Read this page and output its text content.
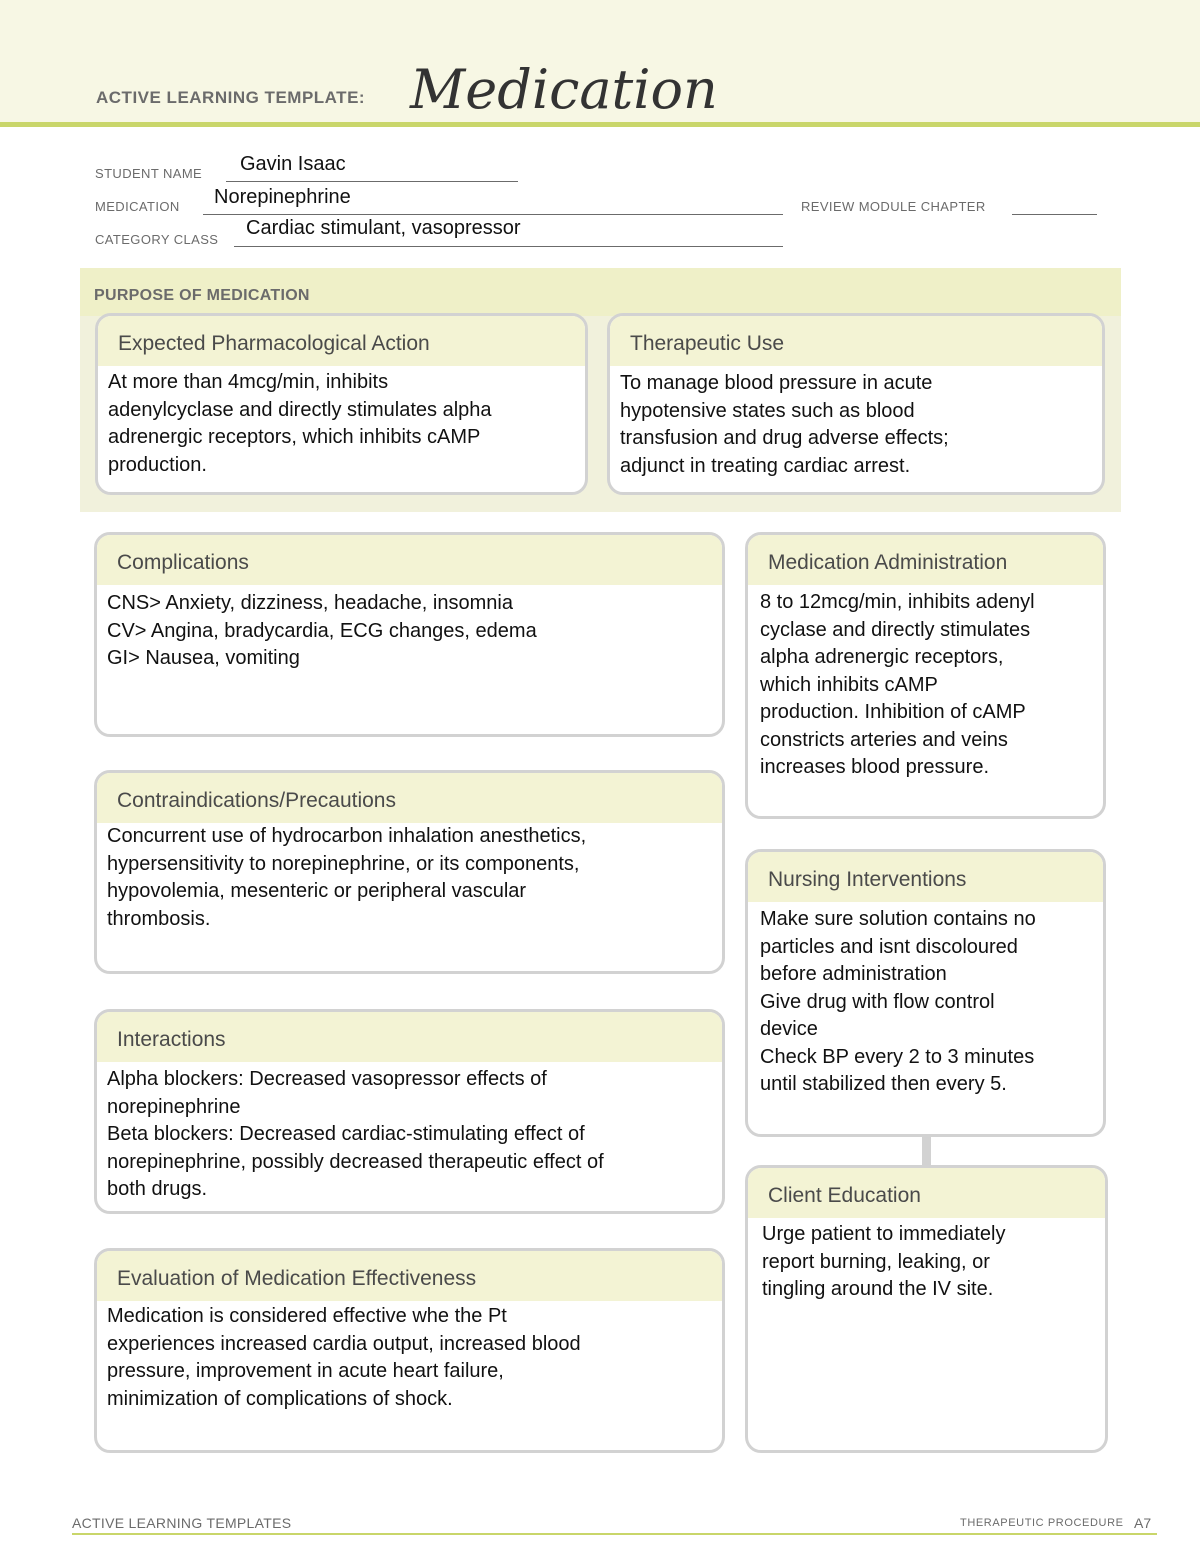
ACTIVE LEARNING TEMPLATE: Medication
STUDENT NAME Gavin Isaac
MEDICATION Norepinephrine	REVIEW MODULE CHAPTER
CATEGORY CLASS
Cardiac stimulant, vasopressor
PURPOSE OF MEDICATION
Expected Pharmacological Action
At more than 4mcg/min, inhibits
adenylcyclase and directly stimulates alpha
adrenergic receptors, which inhibits cAMP
production.
Therapeutic Use
To manage blood pressure in acute
hypotensive states such as blood
transfusion and drug adverse effects;
adjunct in treating cardiac arrest.
Complications
CNS> Anxiety, dizziness, headache, insomnia
CV> Angina, bradycardia, ECG changes, edema
GI> Nausea, vomiting
Contraindications/Precautions
Concurrent use of hydrocarbon inhalation anesthetics,
hypersensitivity to norepinephrine, or its components,
hypovolemia, mesenteric or peripheral vascular
thrombosis.
Interactions
Alpha blockers: Decreased vasopressor effects of
norepinephrine
Beta blockers: Decreased cardiac-stimulating effect of
norepinephrine, possibly decreased therapeutic effect of
both drugs.
Evaluation of Medication Effectiveness
Medication is considered effective whe the Pt
experiences increased cardia output, increased blood
pressure, improvement in acute heart failure,
minimization of complications of shock.
Medication Administration
8 to 12mcg/min, inhibits adenyl
cyclase and directly stimulates
alpha adrenergic receptors,
which inhibits cAMP
production. Inhibition of cAMP
constricts arteries and veins
increases blood pressure.
Nursing Interventions
Make sure solution contains no
particles and isnt discoloured
before administration
Give drug with flow control
device
Check BP every 2 to 3 minutes
until stabilized then every 5.
Client Education
Urge patient to immediately
report burning, leaking, or
tingling around the IV site.
ACTIVE LEARNING TEMPLATES	THERAPEUTIC PROCEDURE A7
